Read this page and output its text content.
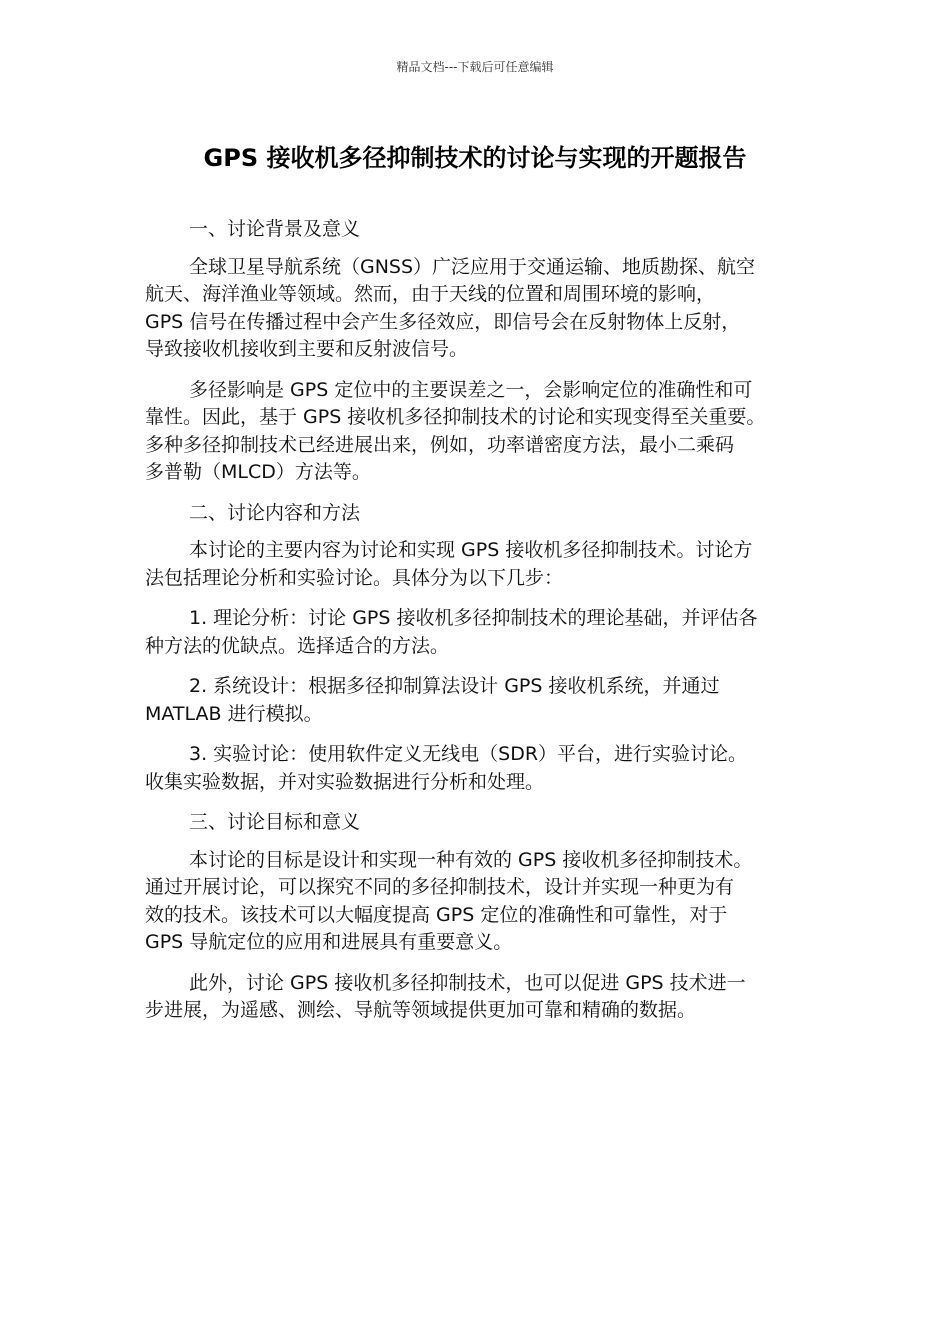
精品文档---下载后可任意编辑
GPS 接收机多径抑制技术的讨论与实现的开题报告

一、讨论背景及意义

全球卫星导航系统（GNSS）广泛应用于交通运输、地质勘探、航空
航天、海洋渔业等领域。然而，由于天线的位置和周围环境的影响，
GPS 信号在传播过程中会产生多径效应，即信号会在反射物体上反射，
导致接收机接收到主要和反射波信号。

多径影响是 GPS 定位中的主要误差之一，会影响定位的准确性和可
靠性。因此，基于 GPS 接收机多径抑制技术的讨论和实现变得至关重要。
多种多径抑制技术已经进展出来，例如，功率谱密度方法，最小二乘码
多普勒（MLCD）方法等。

二、讨论内容和方法

本讨论的主要内容为讨论和实现 GPS 接收机多径抑制技术。讨论方
法包括理论分析和实验讨论。具体分为以下几步：

1. 理论分析：讨论 GPS 接收机多径抑制技术的理论基础，并评估各
种方法的优缺点。选择适合的方法。

2. 系统设计：根据多径抑制算法设计 GPS 接收机系统，并通过
MATLAB 进行模拟。

3. 实验讨论：使用软件定义无线电（SDR）平台，进行实验讨论。
收集实验数据，并对实验数据进行分析和处理。

三、讨论目标和意义

本讨论的目标是设计和实现一种有效的 GPS 接收机多径抑制技术。
通过开展讨论，可以探究不同的多径抑制技术，设计并实现一种更为有
效的技术。该技术可以大幅度提高 GPS 定位的准确性和可靠性，对于
GPS 导航定位的应用和进展具有重要意义。

此外，讨论 GPS 接收机多径抑制技术，也可以促进 GPS 技术进一
步进展，为遥感、测绘、导航等领域提供更加可靠和精确的数据。
